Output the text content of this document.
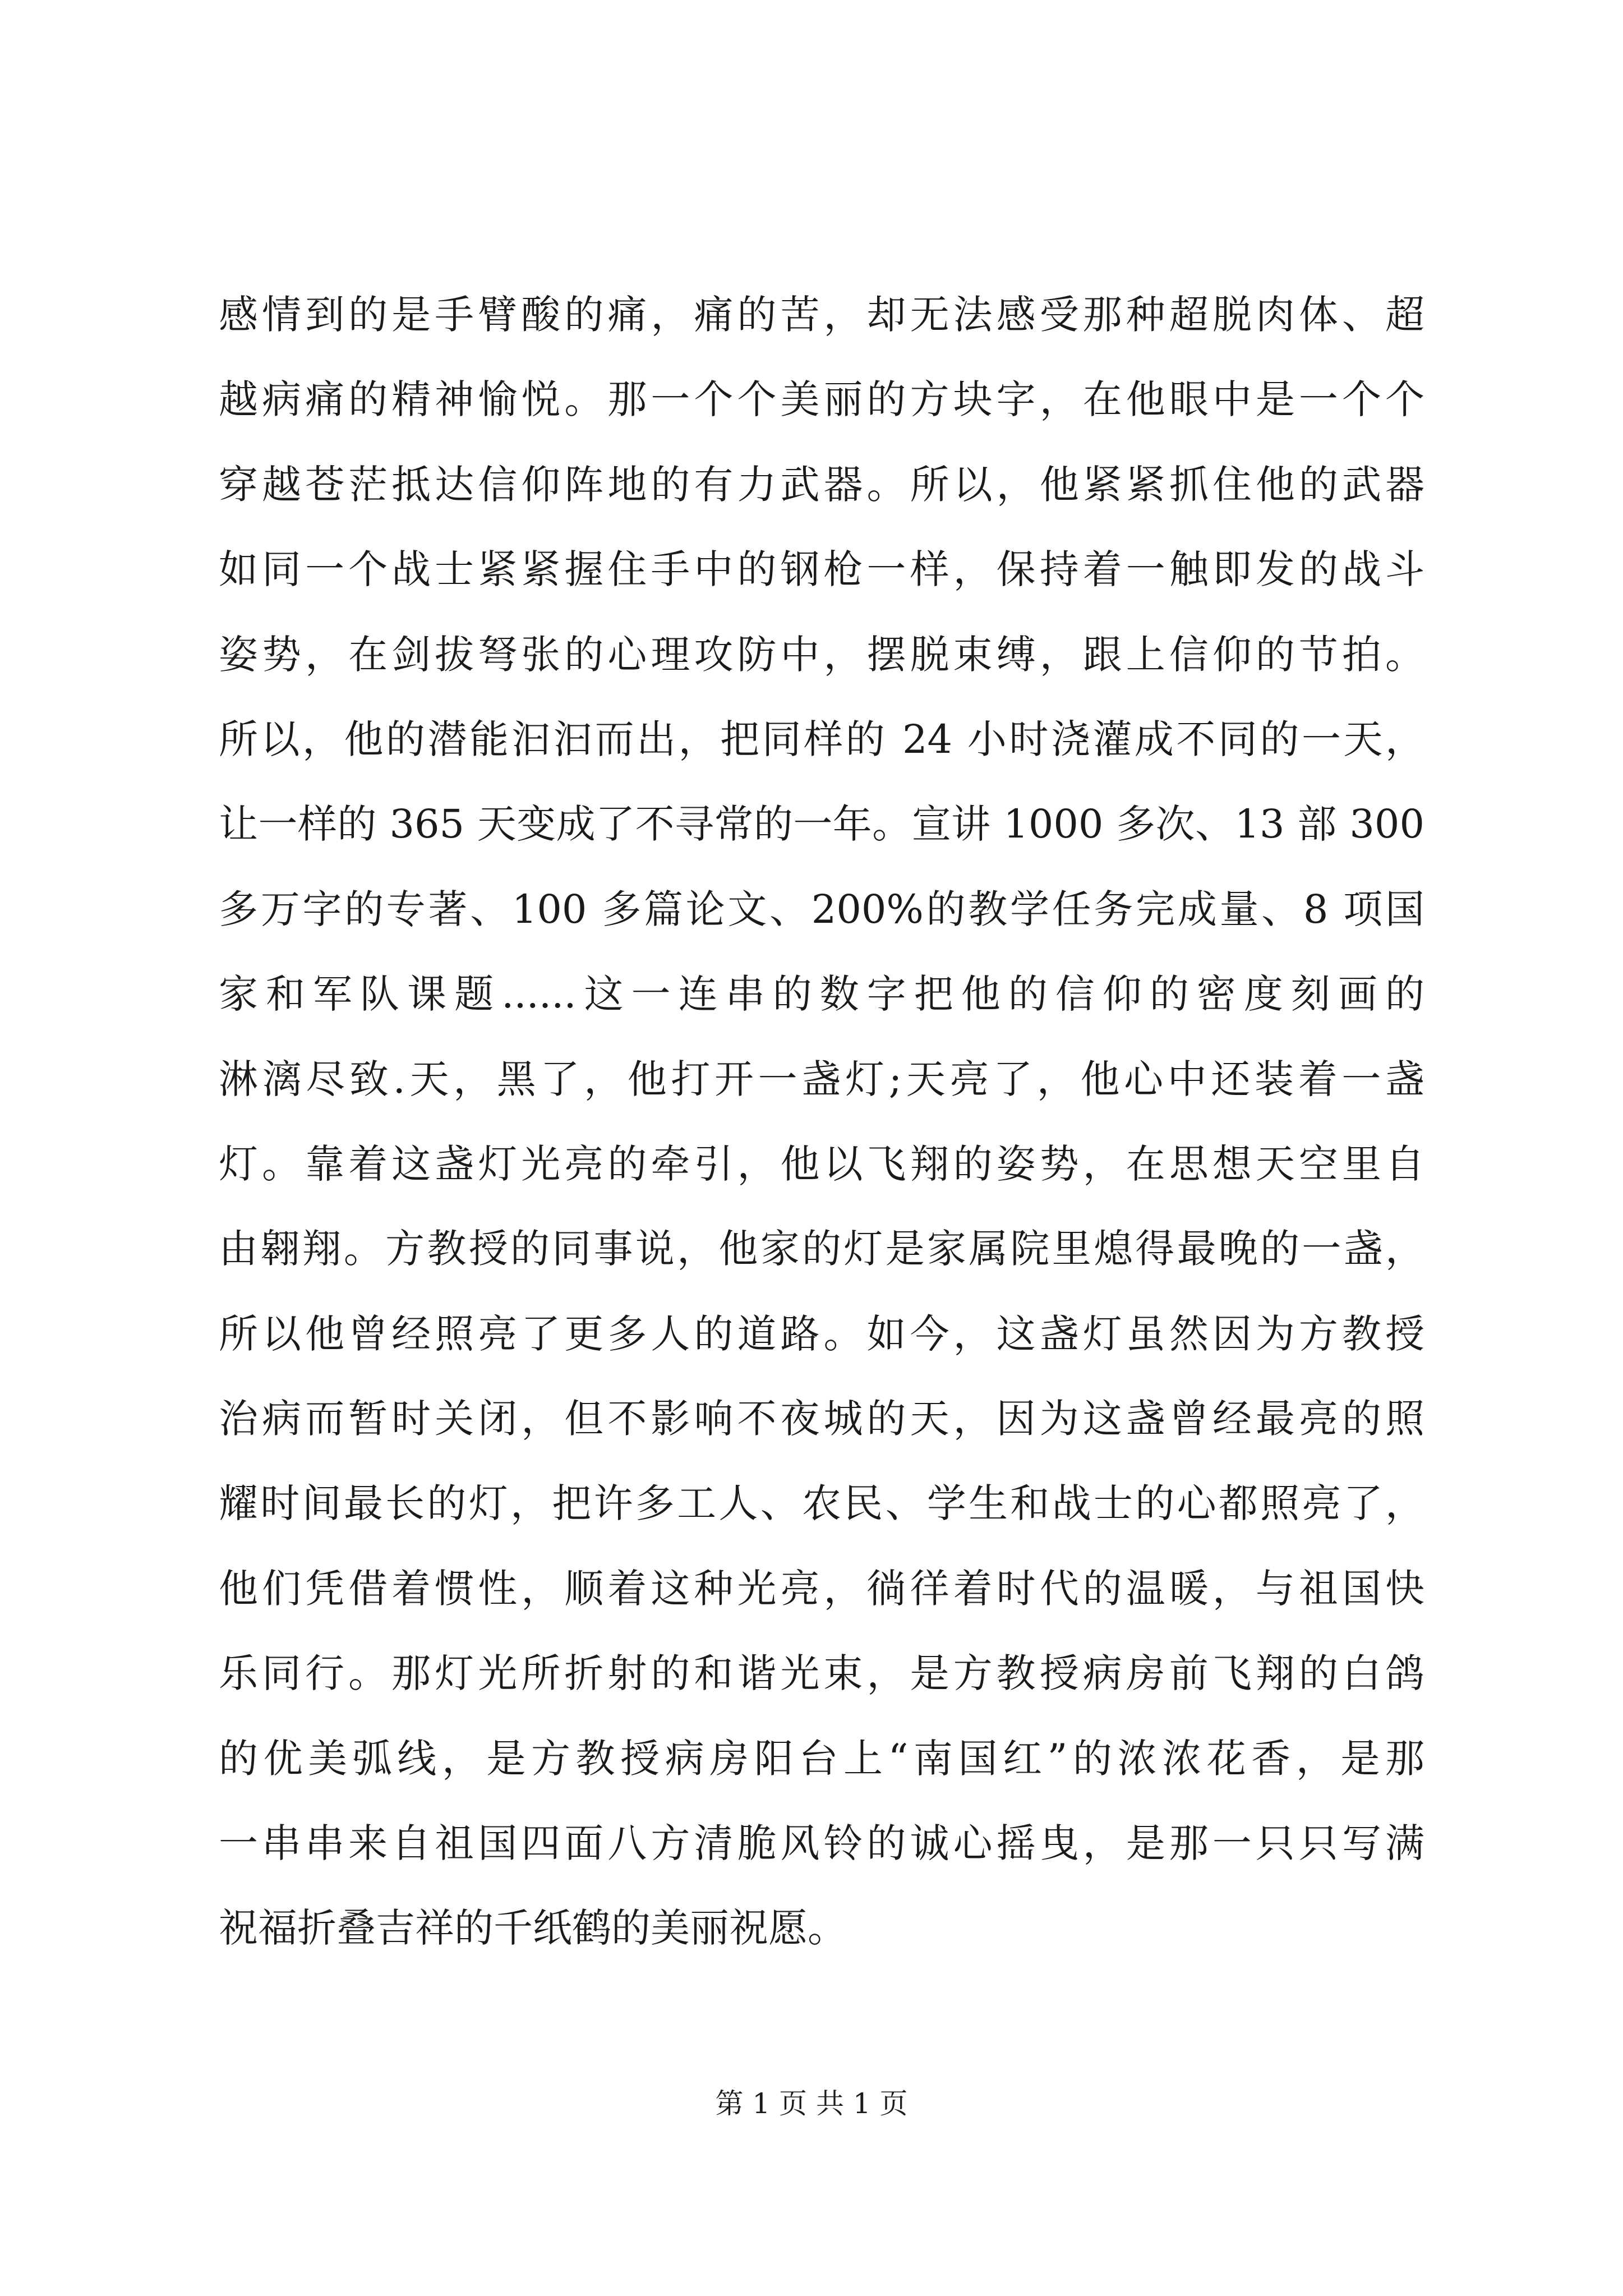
感情到的是手臂酸的痛，痛的苦，却无法感受那种超脱肉体、超
越病痛的精神愉悦。那一个个美丽的方块字，在他眼中是一个个
穿越苍茫抵达信仰阵地的有力武器。所以，他紧紧抓住他的武器
如同一个战士紧紧握住手中的钢枪一样，保持着一触即发的战斗
姿势，在剑拔弩张的心理攻防中，摆脱束缚，跟上信仰的节拍。
所以，他的潜能汩汩而出，把同样的 24 小时浇灌成不同的一天，
让一样的 365 天变成了不寻常的一年。宣讲 1000 多次、13 部 300
多万字的专著、100 多篇论文、200%的教学任务完成量、8 项国
家和军队课题......这一连串的数字把他的信仰的密度刻画的
淋漓尽致.天，黑了，他打开一盏灯;天亮了，他心中还装着一盏
灯。靠着这盏灯光亮的牵引，他以飞翔的姿势，在思想天空里自
由翱翔。方教授的同事说，他家的灯是家属院里熄得最晚的一盏，
所以他曾经照亮了更多人的道路。如今，这盏灯虽然因为方教授
治病而暂时关闭，但不影响不夜城的天，因为这盏曾经最亮的照
耀时间最长的灯，把许多工人、农民、学生和战士的心都照亮了，
他们凭借着惯性，顺着这种光亮，徜徉着时代的温暖，与祖国快
乐同行。那灯光所折射的和谐光束，是方教授病房前飞翔的白鸽
的优美弧线，是方教授病房阳台上“南国红”的浓浓花香，是那
一串串来自祖国四面八方清脆风铃的诚心摇曳，是那一只只写满
祝福折叠吉祥的千纸鹤的美丽祝愿。
第 1 页 共 1 页
